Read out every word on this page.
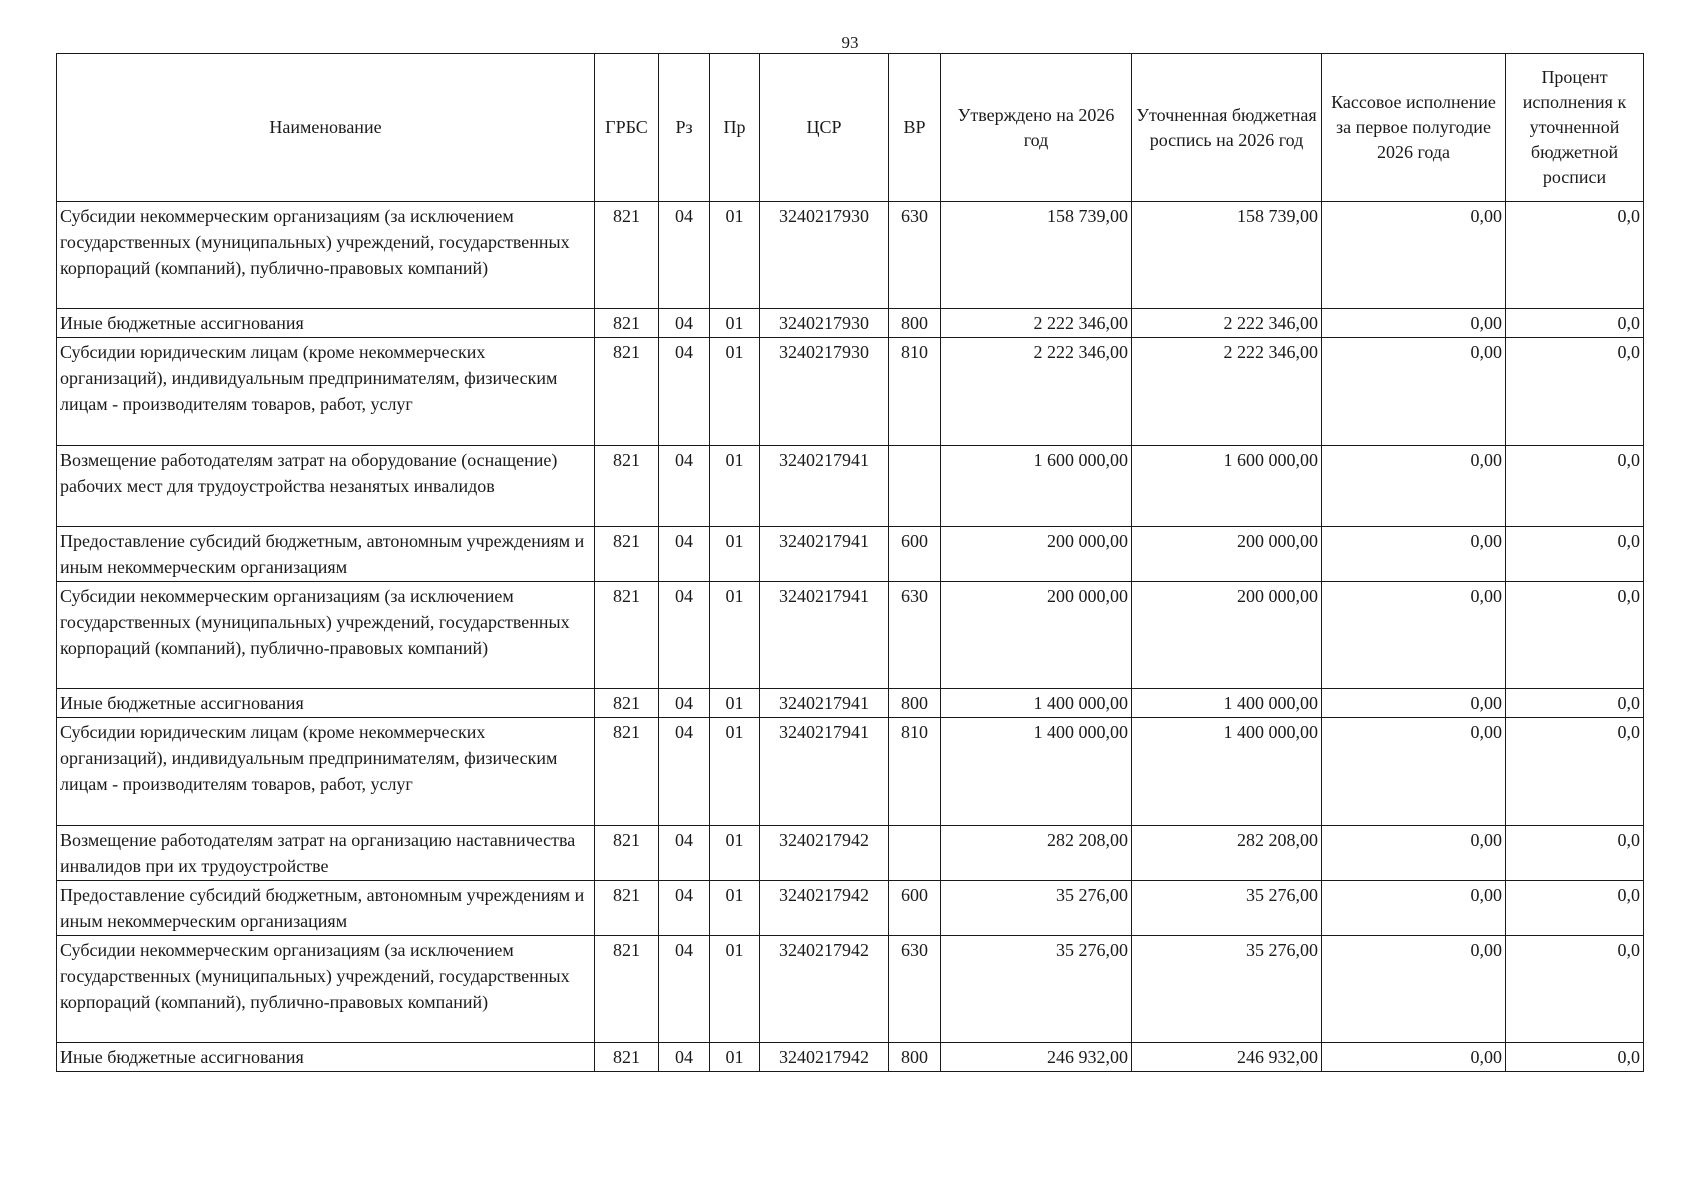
93
Наименование	ГРБС	Рз	Пр	ЦСР	ВР	Утверждено на 2026 год	Уточненная бюджетная роспись на 2026 год	Кассовое исполнение за первое полугодие 2026 года	Процент исполнения к уточненной бюджетной росписи
Субсидии некоммерческим организациям (за исключением государственных (муниципальных) учреждений, государственных корпораций (компаний), публично-правовых компаний)	821	04	01	3240217930	630	158 739,00	158 739,00	0,00	0,0
Иные бюджетные ассигнования	821	04	01	3240217930	800	2 222 346,00	2 222 346,00	0,00	0,0
Субсидии юридическим лицам (кроме некоммерческих организаций), индивидуальным предпринимателям, физическим лицам - производителям товаров, работ, услуг	821	04	01	3240217930	810	2 222 346,00	2 222 346,00	0,00	0,0
Возмещение работодателям затрат на оборудование (оснащение) рабочих мест для трудоустройства незанятых инвалидов	821	04	01	3240217941		1 600 000,00	1 600 000,00	0,00	0,0
Предоставление субсидий бюджетным, автономным учреждениям и иным некоммерческим организациям	821	04	01	3240217941	600	200 000,00	200 000,00	0,00	0,0
Субсидии некоммерческим организациям (за исключением государственных (муниципальных) учреждений, государственных корпораций (компаний), публично-правовых компаний)	821	04	01	3240217941	630	200 000,00	200 000,00	0,00	0,0
Иные бюджетные ассигнования	821	04	01	3240217941	800	1 400 000,00	1 400 000,00	0,00	0,0
Субсидии юридическим лицам (кроме некоммерческих организаций), индивидуальным предпринимателям, физическим лицам - производителям товаров, работ, услуг	821	04	01	3240217941	810	1 400 000,00	1 400 000,00	0,00	0,0
Возмещение работодателям затрат на организацию наставничества инвалидов при их трудоустройстве	821	04	01	3240217942		282 208,00	282 208,00	0,00	0,0
Предоставление субсидий бюджетным, автономным учреждениям и иным некоммерческим организациям	821	04	01	3240217942	600	35 276,00	35 276,00	0,00	0,0
Субсидии некоммерческим организациям (за исключением государственных (муниципальных) учреждений, государственных корпораций (компаний), публично-правовых компаний)	821	04	01	3240217942	630	35 276,00	35 276,00	0,00	0,0
Иные бюджетные ассигнования	821	04	01	3240217942	800	246 932,00	246 932,00	0,00	0,0
